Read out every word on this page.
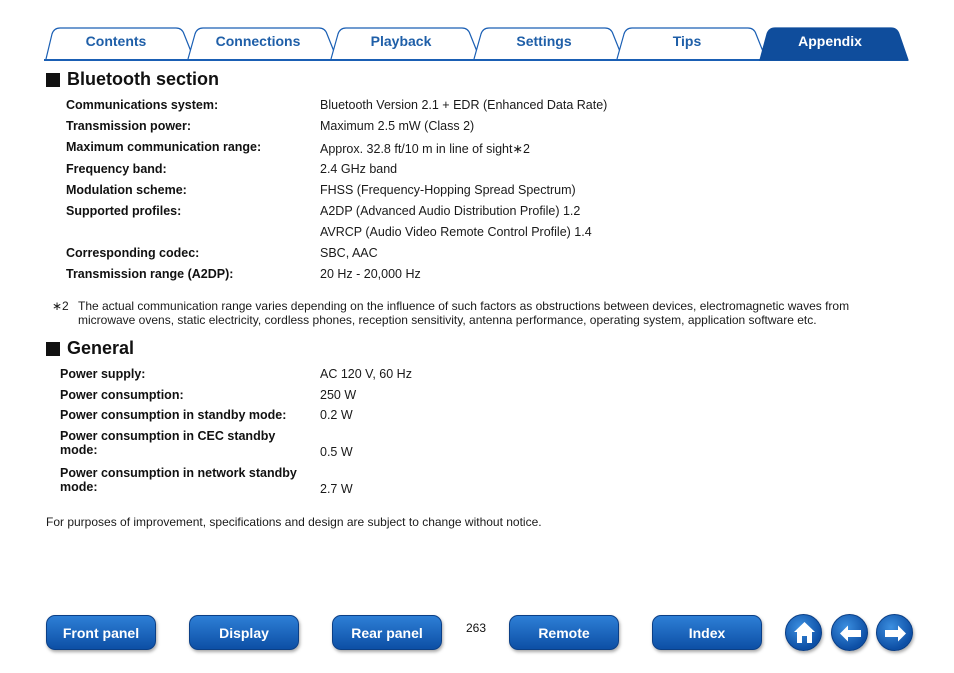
Contents	Connections	Playback	Settings	Tips	Appendix
Bluetooth section
Communications system:	Bluetooth Version 2.1 + EDR (Enhanced Data Rate)
Transmission power:	Maximum 2.5 mW (Class 2)
Maximum communication range:	Approx. 32.8 ft/10 m in line of sight∗2
Frequency band:	2.4 GHz band
Modulation scheme:	FHSS (Frequency-Hopping Spread Spectrum)
Supported profiles:	A2DP (Advanced Audio Distribution Profile) 1.2
AVRCP (Audio Video Remote Control Profile) 1.4
Corresponding codec:	SBC, AAC
Transmission range (A2DP):	20 Hz - 20,000 Hz
∗2 The actual communication range varies depending on the influence of such factors as obstructions between devices, electromagnetic waves from
microwave ovens, static electricity, cordless phones, reception sensitivity, antenna performance, operating system, application software etc.
General
Power supply:	AC 120 V, 60 Hz
Power consumption:	250 W
Power consumption in standby mode:	0.2 W
Power consumption in CEC standby
mode:	0.5 W
Power consumption in network standby
mode:	2.7 W
For purposes of improvement, specifications and design are subject to change without notice.
Front panel	Display	Rear panel	263	Remote	Index
